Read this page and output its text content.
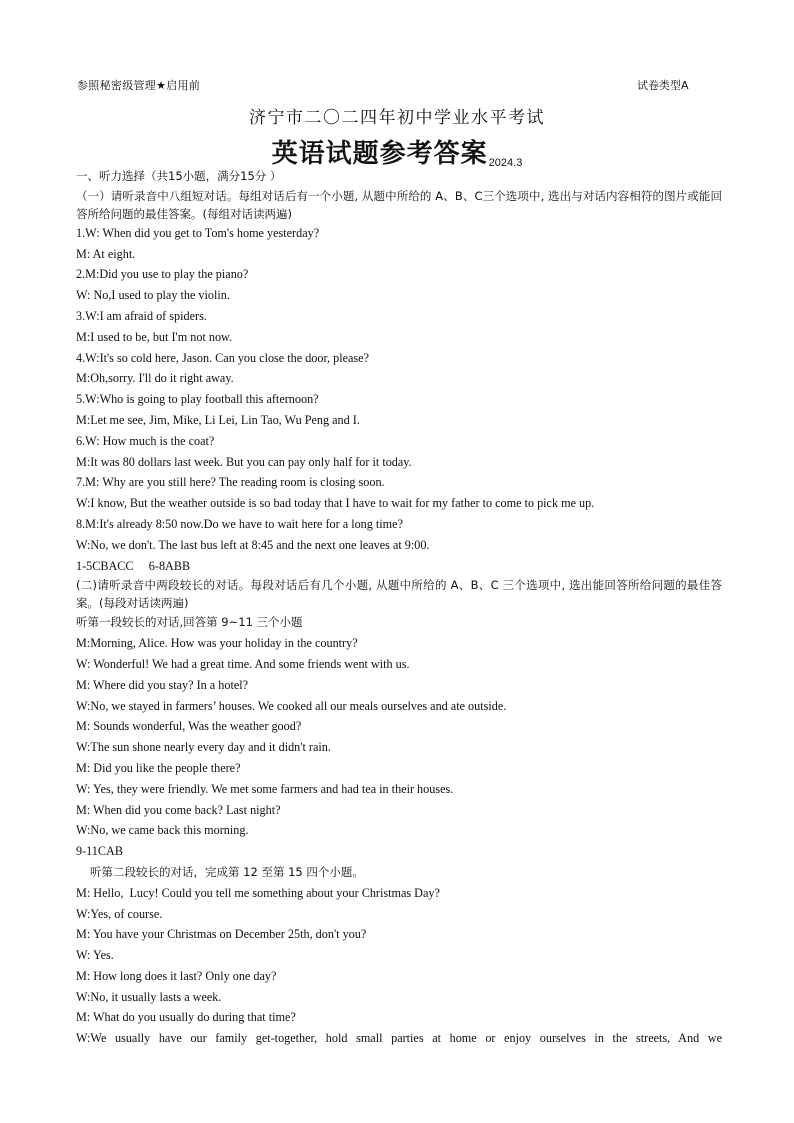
参照秘密级管理★启用前	试卷类型A
济宁市二〇二四年初中学业水平考试
英语试题参考答案$_{2024.3}$
一、听力选择（共15小题，满分15分 ）
（一）请听录音中八组短对话。每组对话后有一个小题, 从题中所给的 A、B、C三个选项中, 选出与对话内容相符的图片或能回答所给问题的最佳答案。(每组对话读两遍)
1.W: When did you get to Tom's home yesterday?
M: At eight.
2.M:Did you use to play the piano?
W: No,I used to play the violin.
3.W:I am afraid of spiders.
M:I used to be, but I'm not now.
4.W:It's so cold here, Jason. Can you close the door, please?
M:Oh,sorry. I'll do it right away.
5.W:Who is going to play football this afternoon?
M:Let me see, Jim, Mike, Li Lei, Lin Tao, Wu Peng and I.
6.W: How much is the coat?
M:It was 80 dollars last week. But you can pay only half for it today.
7.M: Why are you still here? The reading room is closing soon.
W:I know, But the weather outside is so bad today that I have to wait for my father to come to pick me up.
8.M:It's already 8:50 now.Do we have to wait here for a long time?
W:No, we don't. The last bus left at 8:45 and the next one leaves at 9:00.
1-5CBACC     6-8ABB
(二)请听录音中两段较长的对话。每段对话后有几个小题, 从题中所给的 A、B、C 三个选项中, 选出能回答所给问题的最佳答案。(每段对话读两遍)
听第一段较长的对话,回答第 9~11 三个小题
M:Morning, Alice. How was your holiday in the country?
W: Wonderful! We had a great time. And some friends went with us.
M: Where did you stay? In a hotel?
W:No, we stayed in farmers’ houses. We cooked all our meals ourselves and ate outside.
M: Sounds wonderful, Was the weather good?
W:The sun shone nearly every day and it didn't rain.
M: Did you like the people there?
W: Yes, they were friendly. We met some farmers and had tea in their houses.
M: When did you come back? Last night?
W:No, we came back this morning.
9-11CAB
听第二段较长的对话，完成第 12 至第 15 四个小题。
M: Hello,  Lucy! Could you tell me something about your Christmas Day?
W:Yes, of course.
M: You have your Christmas on December 25th, don't you?
W: Yes.
M: How long does it last? Only one day?
W:No, it usually lasts a week.
M: What do you usually do during that time?
W:We usually have our family get-together, hold small parties at home or enjoy ourselves in the streets, And we
